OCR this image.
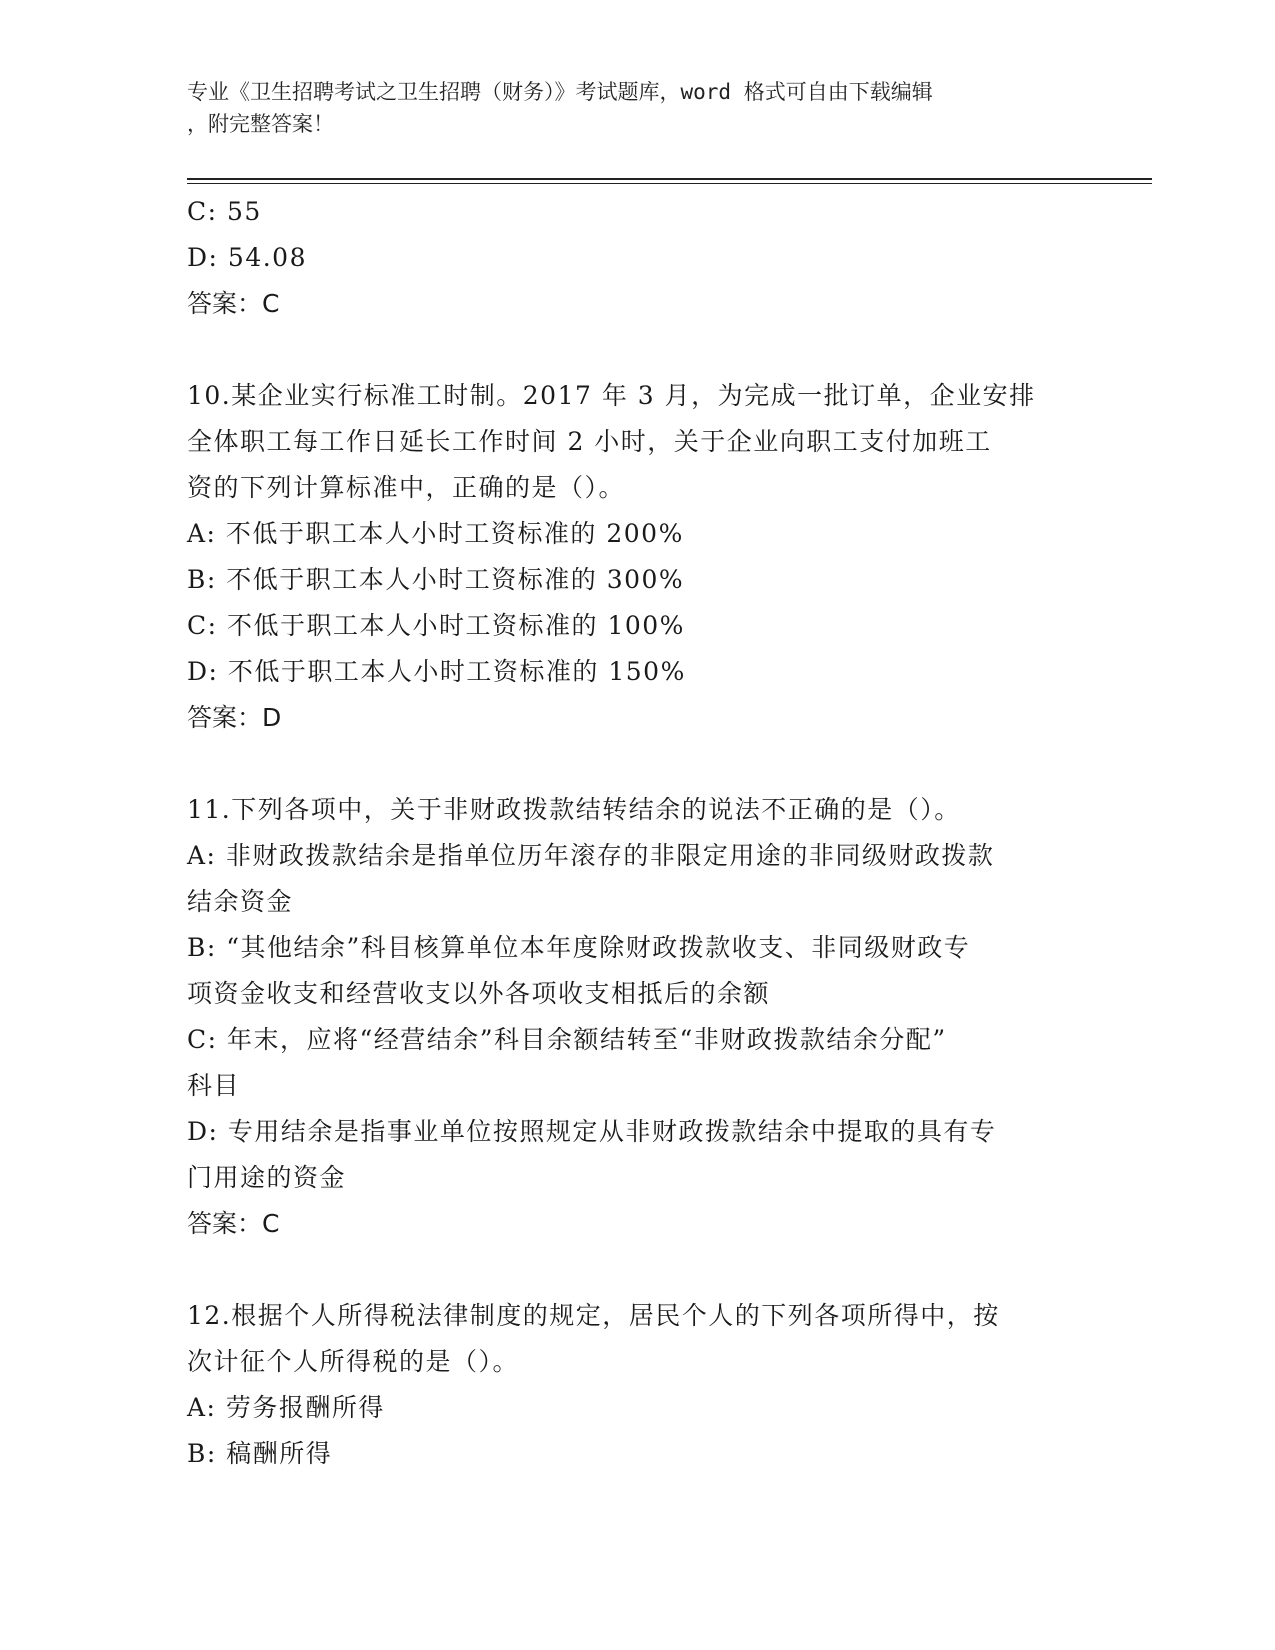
专业《卫生招聘考试之卫生招聘（财务）》考试题库，word 格式可自由下载编辑
，附完整答案！
C: 55
D: 54.08
答案：C
10.某企业实行标准工时制。2017 年 3 月，为完成一批订单，企业安排
全体职工每工作日延长工作时间 2 小时，关于企业向职工支付加班工
资的下列计算标准中，正确的是（）。
A: 不低于职工本人小时工资标准的 200%
B: 不低于职工本人小时工资标准的 300%
C: 不低于职工本人小时工资标准的 100%
D: 不低于职工本人小时工资标准的 150%
答案：D
11.下列各项中，关于非财政拨款结转结余的说法不正确的是（）。
A: 非财政拨款结余是指单位历年滚存的非限定用途的非同级财政拨款
结余资金
B: “其他结余”科目核算单位本年度除财政拨款收支、非同级财政专
项资金收支和经营收支以外各项收支相抵后的余额
C: 年末，应将“经营结余”科目余额结转至“非财政拨款结余分配”
科目
D: 专用结余是指事业单位按照规定从非财政拨款结余中提取的具有专
门用途的资金
答案：C
12.根据个人所得税法律制度的规定，居民个人的下列各项所得中，按
次计征个人所得税的是（）。
A: 劳务报酬所得
B: 稿酬所得
